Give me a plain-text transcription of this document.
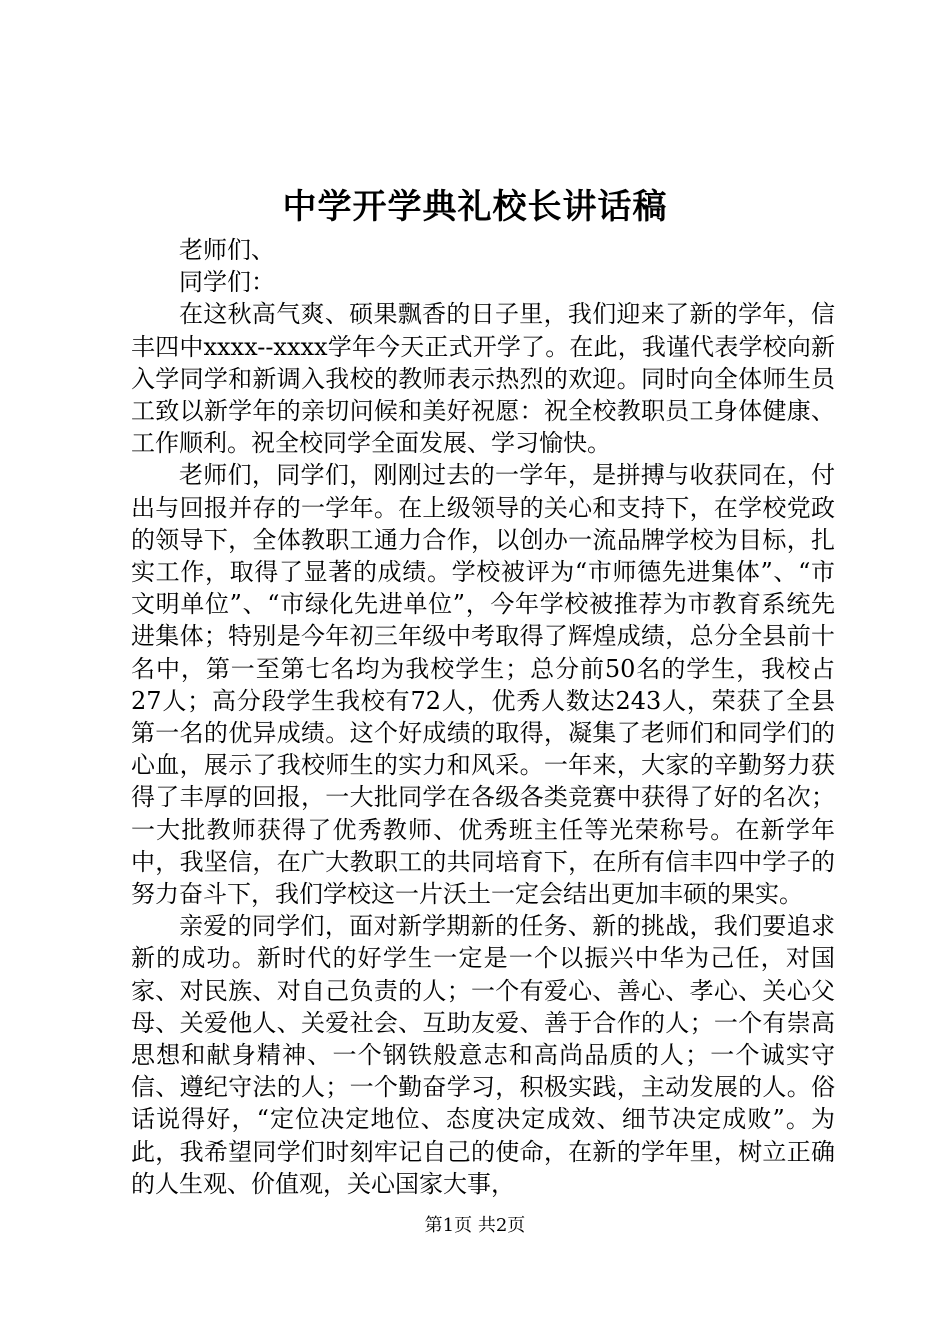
中学开学典礼校长讲话稿

老师们、

同学们：

在这秋高气爽、硕果飘香的日子里，我们迎来了新的学年，信丰四中xxxx--xxxx学年今天正式开学了。在此，我谨代表学校向新入学同学和新调入我校的教师表示热烈的欢迎。同时向全体师生员工致以新学年的亲切问候和美好祝愿：祝全校教职员工身体健康、工作顺利。祝全校同学全面发展、学习愉快。

老师们，同学们，刚刚过去的一学年，是拼搏与收获同在，付出与回报并存的一学年。在上级领导的关心和支持下，在学校党政的领导下，全体教职工通力合作，以创办一流品牌学校为目标，扎实工作，取得了显著的成绩。学校被评为“市师德先进集体”、“市文明单位”、“市绿化先进单位”，今年学校被推荐为市教育系统先进集体；特别是今年初三年级中考取得了辉煌成绩，总分全县前十名中，第一至第七名均为我校学生；总分前50名的学生，我校占27人；高分段学生我校有72人，优秀人数达243人，荣获了全县第一名的优异成绩。这个好成绩的取得，凝集了老师们和同学们的心血，展示了我校师生的实力和风采。一年来，大家的辛勤努力获得了丰厚的回报，一大批同学在各级各类竞赛中获得了好的名次；一大批教师获得了优秀教师、优秀班主任等光荣称号。在新学年中，我坚信，在广大教职工的共同培育下，在所有信丰四中学子的努力奋斗下，我们学校这一片沃土一定会结出更加丰硕的果实。

亲爱的同学们，面对新学期新的任务、新的挑战，我们要追求新的成功。新时代的好学生一定是一个以振兴中华为己任，对国家、对民族、对自己负责的人；一个有爱心、善心、孝心、关心父母、关爱他人、关爱社会、互助友爱、善于合作的人；一个有崇高思想和献身精神、一个钢铁般意志和高尚品质的人；一个诚实守信、遵纪守法的人；一个勤奋学习，积极实践，主动发展的人。俗话说得好，“定位决定地位、态度决定成效、细节决定成败”。为此，我希望同学们时刻牢记自己的使命，在新的学年里，树立正确的人生观、价值观，关心国家大事，

第1页 共2页
